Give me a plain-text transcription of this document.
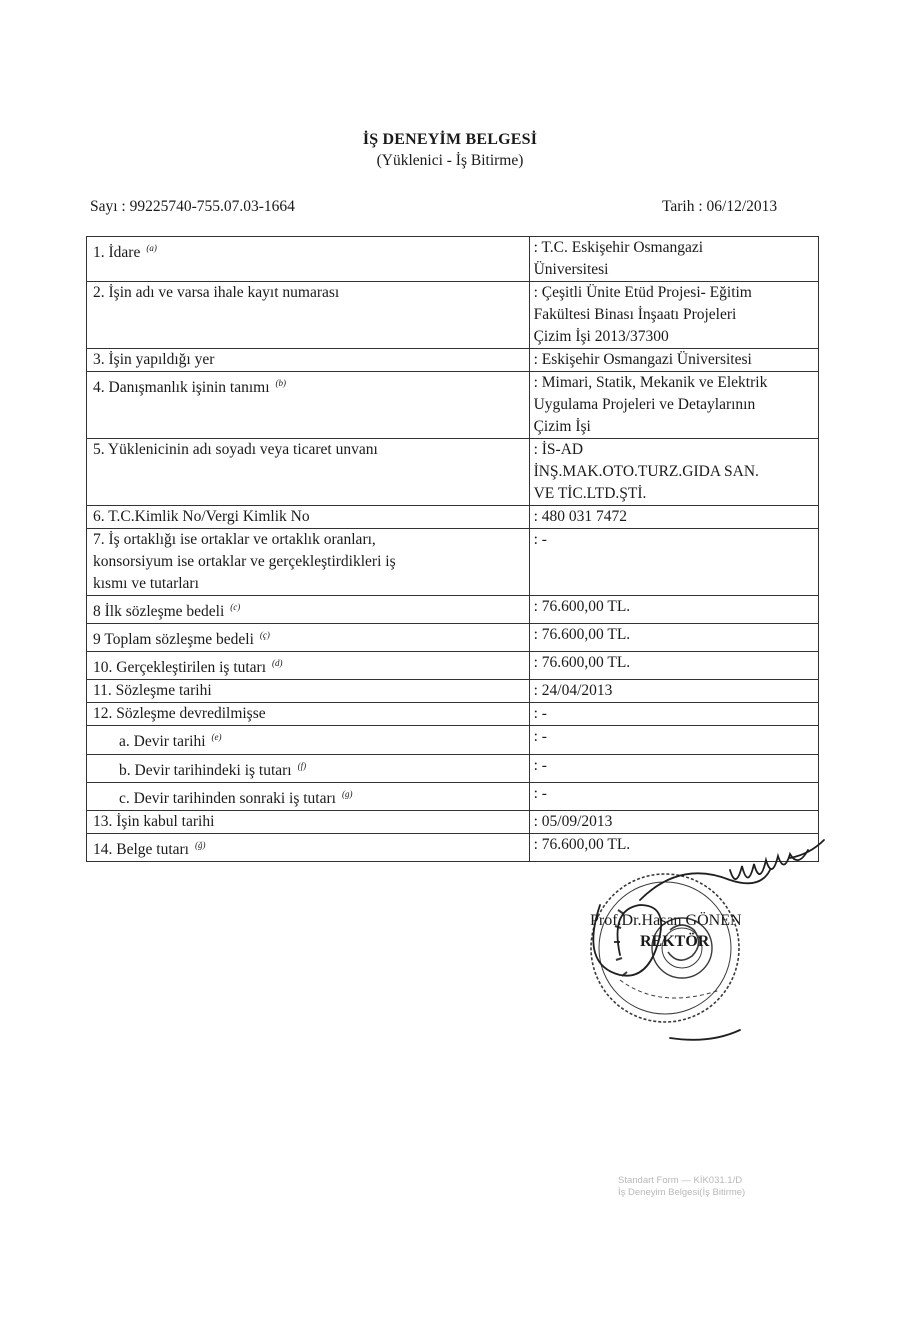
İŞ DENEYİM BELGESİ
(Yüklenici - İş Bitirme)
Sayı : 99225740-755.07.03-1664	Tarih : 06/12/2013
1. İdare $^{(a)}$	: T.C. Eskişehir Osmangazi
Üniversitesi

2. İşin adı ve varsa ihale kayıt numarası	: Çeşitli Ünite Etüd Projesi- Eğitim
Fakültesi Binası İnşaatı Projeleri
Çizim İşi 2013/37300

3. İşin yapıldığı yer	: Eskişehir Osmangazi Üniversitesi

4. Danışmanlık işinin tanımı $^{(b)}$	: Mimari, Statik, Mekanik ve Elektrik
Uygulama Projeleri ve Detaylarının
Çizim İşi

5. Yüklenicinin adı soyadı veya ticaret unvanı	: İS-AD
İNŞ.MAK.OTO.TURZ.GIDA SAN.
VE TİC.LTD.ŞTİ.

6. T.C.Kimlik No/Vergi Kimlik No	: 480 031 7472

7. İş ortaklığı ise ortaklar ve ortaklık oranları,
konsorsiyum ise ortaklar ve gerçekleştirdikleri iş
kısmı ve tutarları	: -

8 İlk sözleşme bedeli $^{(c)}$	: 76.600,00 TL.

9 Toplam sözleşme bedeli $^{(ç)}$	: 76.600,00 TL.

10. Gerçekleştirilen iş tutarı $^{(d)}$	: 76.600,00 TL.

11. Sözleşme tarihi	: 24/04/2013

12. Sözleşme devredilmişse	: -

a. Devir tarihi $^{(e)}$	: -

b. Devir tarihindeki iş tutarı $^{(f)}$	: -

c. Devir tarihinden sonraki iş tutarı $^{(g)}$	: -

13. İşin kabul tarihi	: 05/09/2013

14. Belge tutarı $^{(ğ)}$	: 76.600,00 TL.
Prof.Dr.Hasan GÖNEN
REKTÖR
Standart Form — KİK031.1/D
İş Deneyim Belgesi(İş Bitirme)
